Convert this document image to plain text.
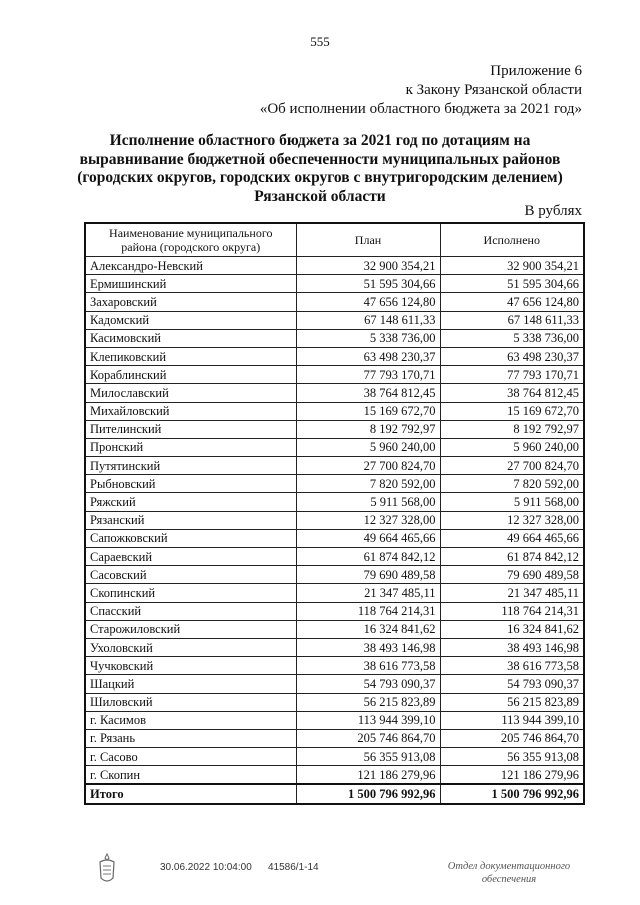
555
Приложение 6
к Закону Рязанской области
«Об исполнении областного бюджета за 2021 год»
Исполнение областного бюджета за 2021 год по дотациям на
выравнивание бюджетной обеспеченности муниципальных районов
(городских округов, городских округов с внутригородским делением)
Рязанской области
В рублях
Наименование муниципального
района (городского округа)	План	Исполнено
Александро-Невский	32 900 354,21	32 900 354,21
Ермишинский	51 595 304,66	51 595 304,66
Захаровский	47 656 124,80	47 656 124,80
Кадомский	67 148 611,33	67 148 611,33
Касимовский	5 338 736,00	5 338 736,00
Клепиковский	63 498 230,37	63 498 230,37
Кораблинский	77 793 170,71	77 793 170,71
Милославский	38 764 812,45	38 764 812,45
Михайловский	15 169 672,70	15 169 672,70
Пителинский	8 192 792,97	8 192 792,97
Пронский	5 960 240,00	5 960 240,00
Путятинский	27 700 824,70	27 700 824,70
Рыбновский	7 820 592,00	7 820 592,00
Ряжский	5 911 568,00	5 911 568,00
Рязанский	12 327 328,00	12 327 328,00
Сапожковский	49 664 465,66	49 664 465,66
Сараевский	61 874 842,12	61 874 842,12
Сасовский	79 690 489,58	79 690 489,58
Скопинский	21 347 485,11	21 347 485,11
Спасский	118 764 214,31	118 764 214,31
Старожиловский	16 324 841,62	16 324 841,62
Ухоловский	38 493 146,98	38 493 146,98
Чучковский	38 616 773,58	38 616 773,58
Шацкий	54 793 090,37	54 793 090,37
Шиловский	56 215 823,89	56 215 823,89
г. Касимов	113 944 399,10	113 944 399,10
г. Рязань	205 746 864,70	205 746 864,70
г. Сасово	56 355 913,08	56 355 913,08
г. Скопин	121 186 279,96	121 186 279,96
Итого	1 500 796 992,96	1 500 796 992,96
30.06.2022 10:04:00 41586/1-14	Отдел документационного
обеспечения
